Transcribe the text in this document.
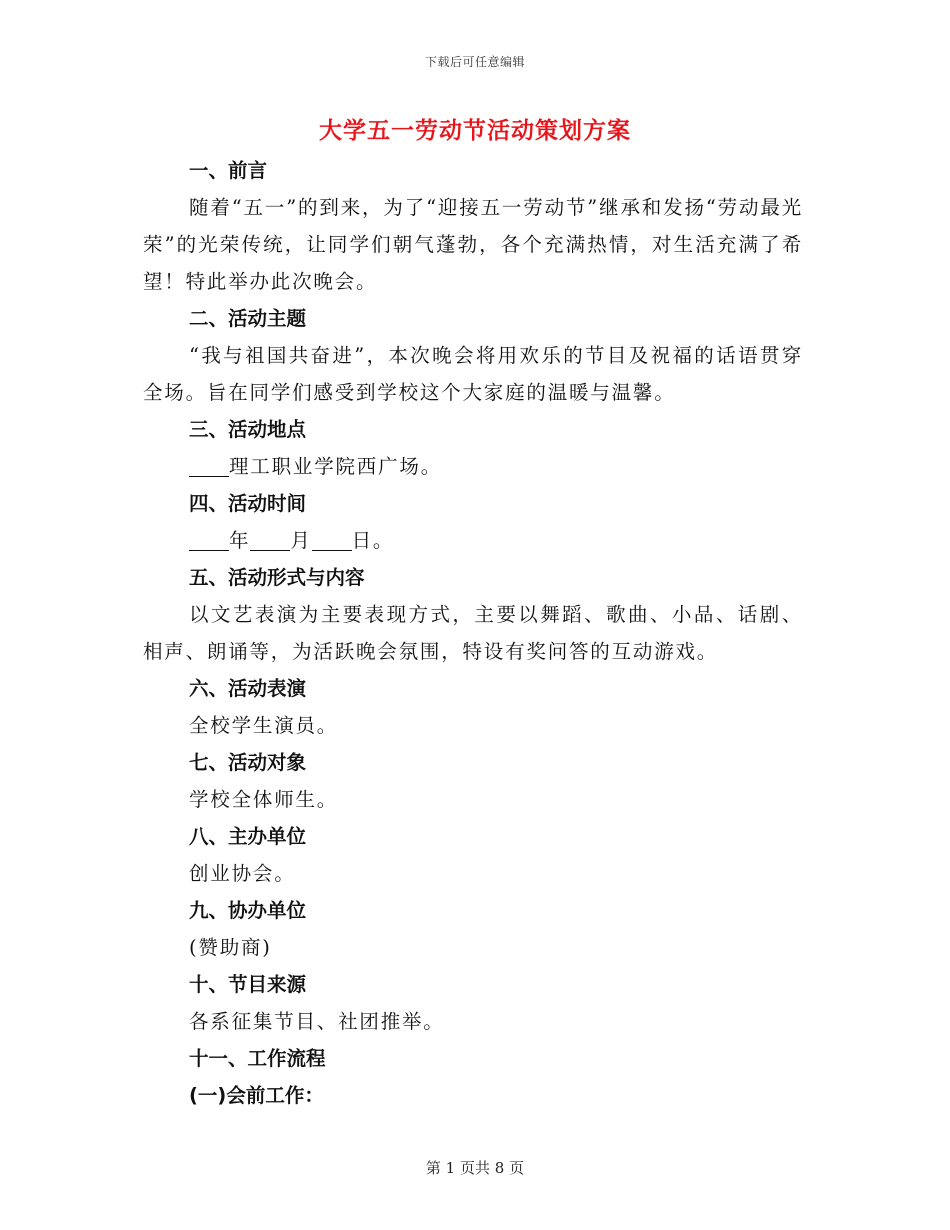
下载后可任意编辑
大学五一劳动节活动策划方案
一、前言

随着“五一”的到来，为了“迎接五一劳动节”继承和发扬“劳动最光荣”的光荣传统，让同学们朝气蓬勃，各个充满热情，对生活充满了希望！特此举办此次晚会。

二、活动主题

“我与祖国共奋进”，本次晚会将用欢乐的节目及祝福的话语贯穿全场。旨在同学们感受到学校这个大家庭的温暖与温馨。

三、活动地点

理工职业学院西广场。

四、活动时间

年 月 日。

五、活动形式与内容

以文艺表演为主要表现方式，主要以舞蹈、歌曲、小品、话剧、相声、朗诵等，为活跃晚会氛围，特设有奖问答的互动游戏。

六、活动表演

全校学生演员。

七、活动对象

学校全体师生。

八、主办单位

创业协会。

九、协办单位

(赞助商)

十、节目来源

各系征集节目、社团推举。

十一、工作流程
(一)会前工作：
第 1 页共 8 页
